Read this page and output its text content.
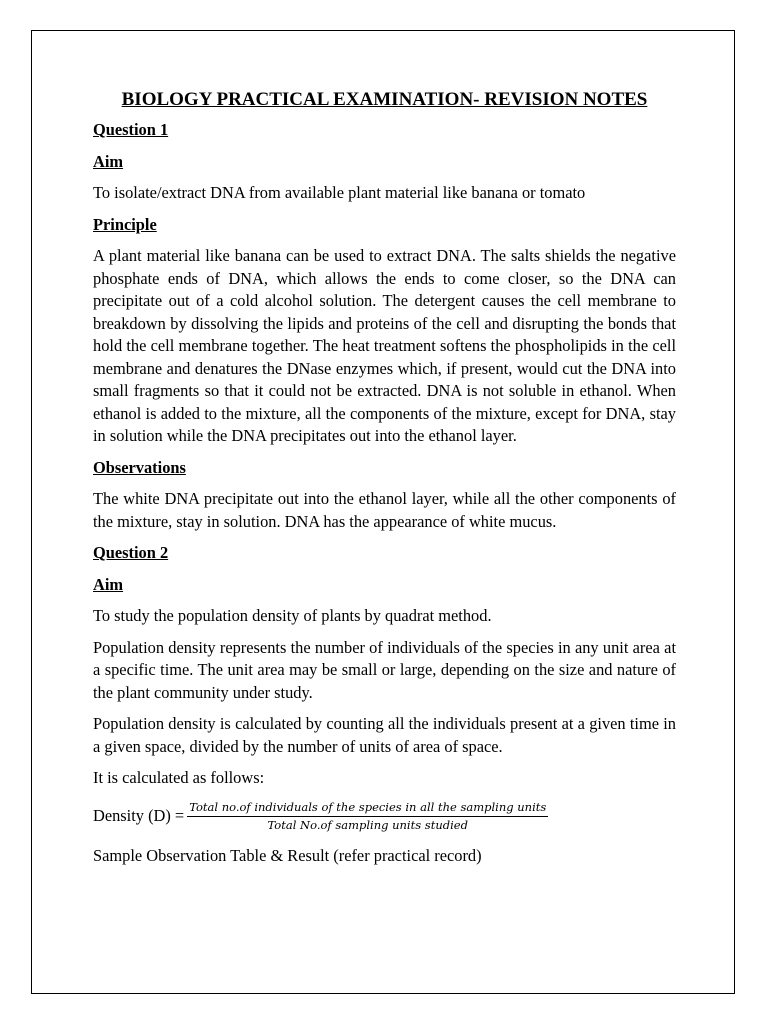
BIOLOGY PRACTICAL EXAMINATION- REVISION NOTES
Question 1
Aim

To isolate/extract DNA from available plant material like banana or tomato

Principle

A plant material like banana can be used to extract DNA. The salts shields the negative phosphate ends of DNA, which allows the ends to come closer, so the DNA can precipitate out of a cold alcohol solution. The detergent causes the cell membrane to breakdown by dissolving the lipids and proteins of the cell and disrupting the bonds that hold the cell membrane together. The heat treatment softens the phospholipids in the cell membrane and denatures the DNase enzymes which, if present, would cut the DNA into small fragments so that it could not be extracted. DNA is not soluble in ethanol. When ethanol is added to the mixture, all the components of the mixture, except for DNA, stay in solution while the DNA precipitates out into the ethanol layer.

Observations

The white DNA precipitate out into the ethanol layer, while all the other components of the mixture, stay in solution. DNA has the appearance of white mucus.

Question 2
Aim

To study the population density of plants by quadrat method.

Population density represents the number of individuals of the species in any unit area at a specific time. The unit area may be small or large, depending on the size and nature of the plant community under study.

Population density is calculated by counting all the individuals present at a given time in a given space, divided by the number of units of area of space.

It is calculated as follows:

Density (D) = Total no.of individuals of the species in all the sampling units
Total No.of sampling units studied

Sample Observation Table & Result (refer practical record)
